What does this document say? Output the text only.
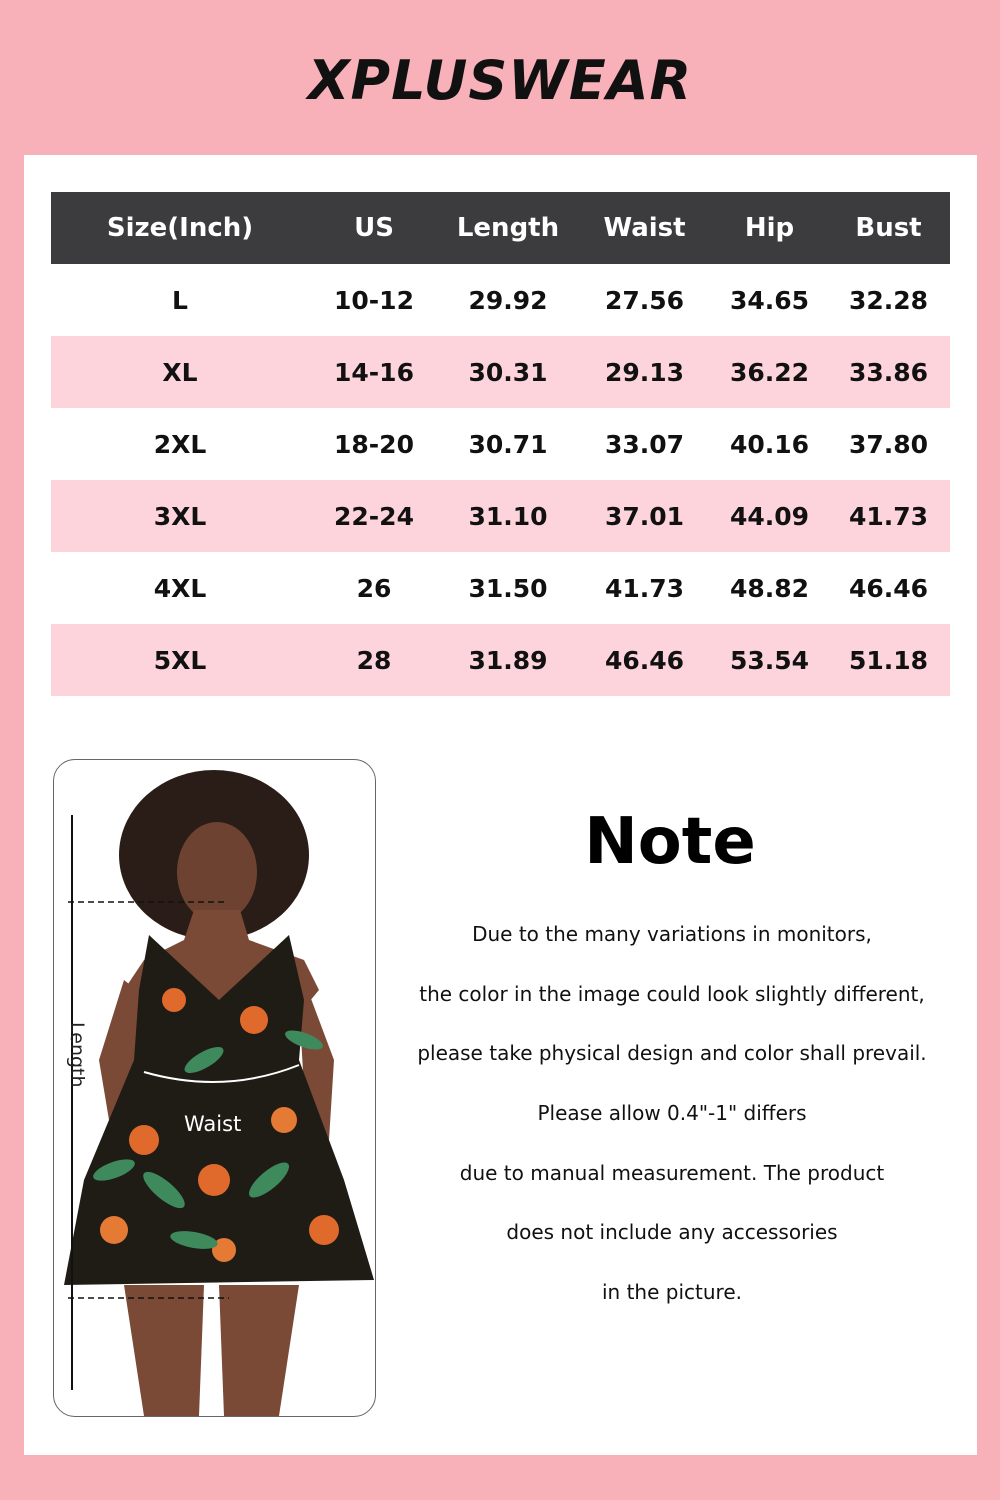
XPLUSWEAR
Size(Inch)	US	Length	Waist	Hip	Bust
L	10-12	29.92	27.56	34.65	32.28
XL	14-16	30.31	29.13	36.22	33.86
2XL	18-20	30.71	33.07	40.16	37.80
3XL	22-24	31.10	37.01	44.09	41.73
4XL	26	31.50	41.73	48.82	46.46
5XL	28	31.89	46.46	53.54	51.18
Length
Waist
Note
Due to the many variations in monitors,
the color in the image could look slightly different,
please take physical design and color shall prevail.
Please allow 0.4"-1" differs
due to manual measurement. The product
does not include any accessories
in the picture.
